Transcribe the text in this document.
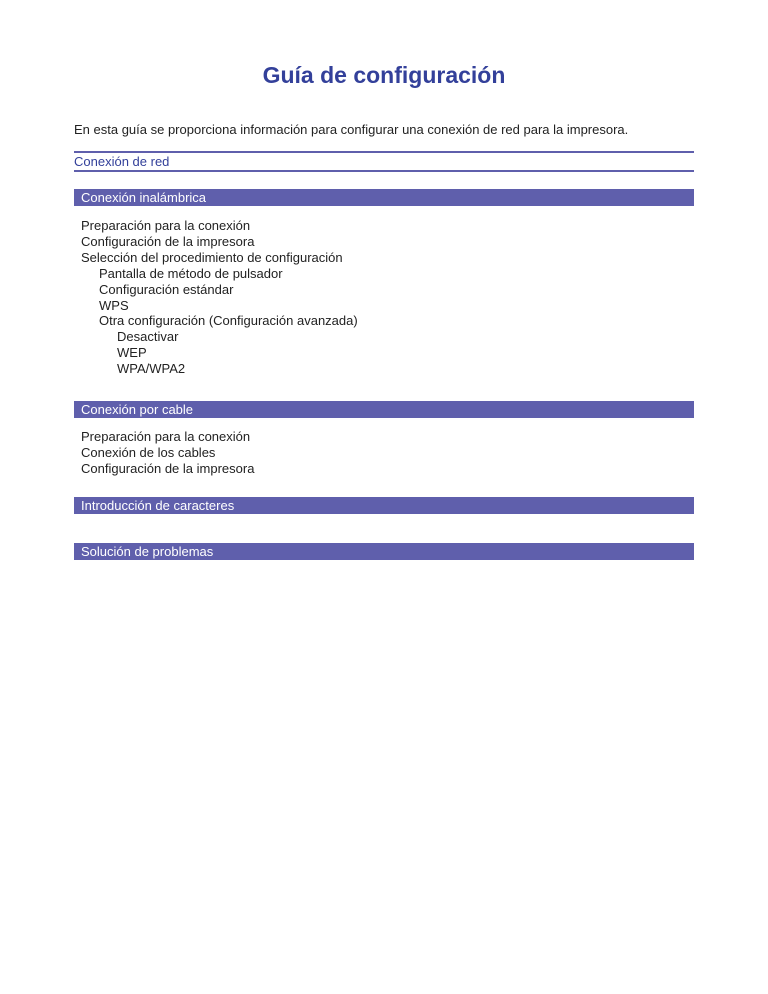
Guía de configuración
En esta guía se proporciona información para configurar una conexión de red para la impresora.
Conexión de red
Conexión inalámbrica
Preparación para la conexión
Configuración de la impresora
Selección del procedimiento de configuración
Pantalla de método de pulsador
Configuración estándar
WPS
Otra configuración (Configuración avanzada)
Desactivar
WEP
WPA/WPA2
Conexión por cable
Preparación para la conexión
Conexión de los cables
Configuración de la impresora
Introducción de caracteres
Solución de problemas
